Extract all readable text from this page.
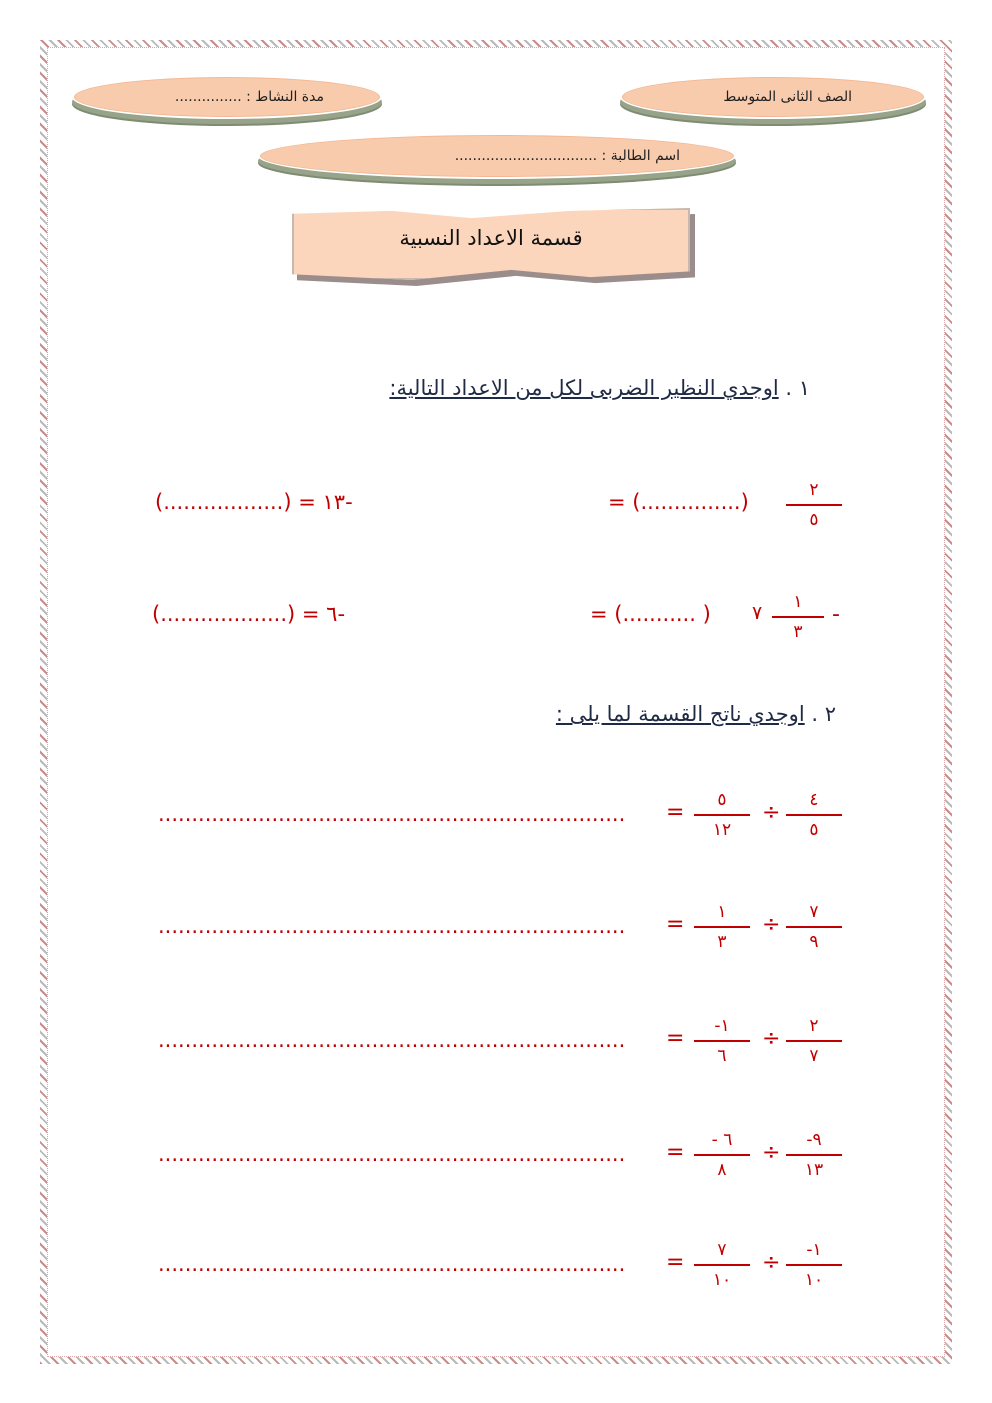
الصف الثانى المتوسط
مدة النشاط : ...............
اسم الطالبة : ................................
قسمة الاعداد النسبية
١ . اوجدي النظير الضربى لكل من الاعداد التالية:
٢
٥
= (...............)
-١٣ = (..................)
-
١
٣
٧
= (........... )
-٦ = (...................)
٢ . اوجدي ناتج القسمة لما يلى :
٤
٥
÷
٥
١٢
=
......................................................................
٧
٩
÷
١
٣
=
......................................................................
٢
٧
÷
-١
٦
=
......................................................................
-٩
١٣
÷
- ٦
٨
=
......................................................................
-١
١٠
÷
٧
١٠
=
......................................................................
